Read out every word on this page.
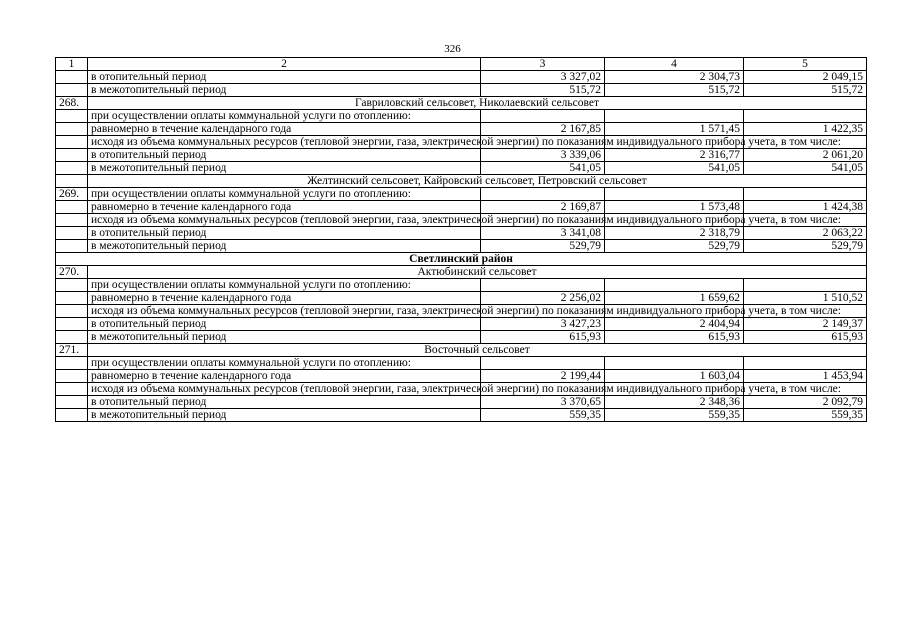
326
1	2	3	4	5
	в отопительный период	3 327,02	2 304,73	2 049,15
	в межотопительный период	515,72	515,72	515,72
268.	Гавриловский сельсовет, Николаевский сельсовет			
	при осуществлении оплаты коммунальной услуги по отоплению:			
	равномерно в течение календарного года	2 167,85	1 571,45	1 422,35
	исходя из объема коммунальных ресурсов (тепловой энергии, газа, электрической энергии) по показаниям индивидуального прибора учета, в том числе:			
	в отопительный период	3 339,06	2 316,77	2 061,20
	в межотопительный период	541,05	541,05	541,05
	Желтинский сельсовет, Кайровский сельсовет, Петровский сельсовет			
269.	при осуществлении оплаты коммунальной услуги по отоплению:			
	равномерно в течение календарного года	2 169,87	1 573,48	1 424,38
	исходя из объема коммунальных ресурсов (тепловой энергии, газа, электрической энергии) по показаниям индивидуального прибора учета, в том числе:			
	в отопительный период	3 341,08	2 318,79	2 063,22
	в межотопительный период	529,79	529,79	529,79
Светлинский район				
270.	Актюбинский сельсовет			
	при осуществлении оплаты коммунальной услуги по отоплению:			
	равномерно в течение календарного года	2 256,02	1 659,62	1 510,52
	исходя из объема коммунальных ресурсов (тепловой энергии, газа, электрической энергии) по показаниям индивидуального прибора учета, в том числе:			
	в отопительный период	3 427,23	2 404,94	2 149,37
	в межотопительный период	615,93	615,93	615,93
271.	Восточный сельсовет			
	при осуществлении оплаты коммунальной услуги по отоплению:			
	равномерно в течение календарного года	2 199,44	1 603,04	1 453,94
	исходя из объема коммунальных ресурсов (тепловой энергии, газа, электрической энергии) по показаниям индивидуального прибора учета, в том числе:			
	в отопительный период	3 370,65	2 348,36	2 092,79
	в межотопительный период	559,35	559,35	559,35
